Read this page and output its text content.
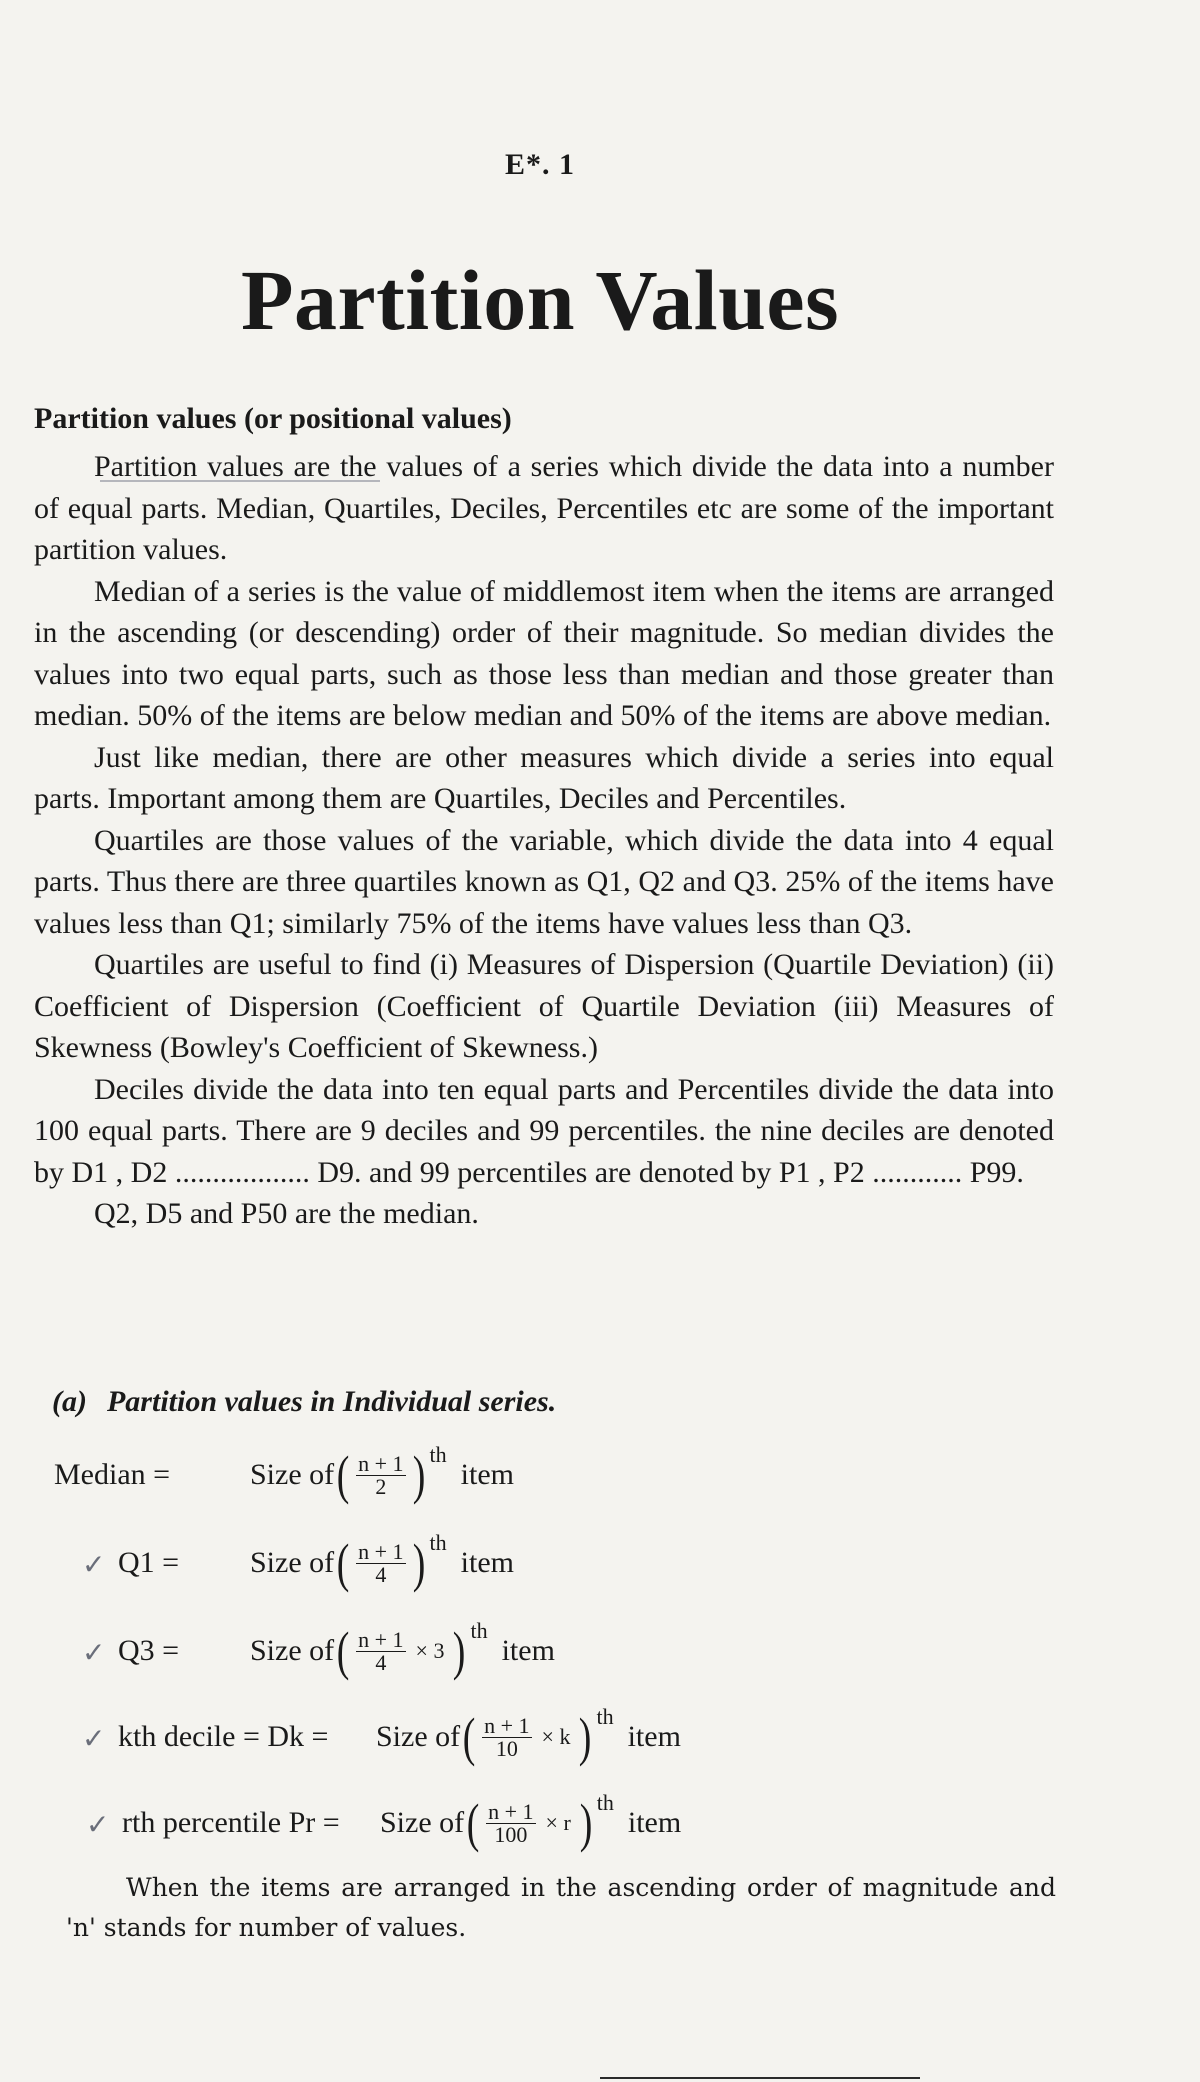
E*. 1
Partition Values
Partition values (or positional values)

Partition values are the values of a series which divide the data into a number of equal parts. Median, Quartiles, Deciles, Percentiles etc are some of the important partition values.

Median of a series is the value of middlemost item when the items are arranged in the ascending (or descending) order of their magnitude. So median divides the values into two equal parts, such as those less than median and those greater than median. 50% of the items are below median and 50% of the items are above median.

Just like median, there are other measures which divide a series into equal parts. Important among them are Quartiles, Deciles and Percentiles.

Quartiles are those values of the variable, which divide the data into 4 equal parts. Thus there are three quartiles known as Q1, Q2 and Q3. 25% of the items have values less than Q1; similarly 75% of the items have values less than Q3.

Quartiles are useful to find (i) Measures of Dispersion (Quartile Deviation) (ii) Coefficient of Dispersion (Coefficient of Quartile Deviation (iii) Measures of Skewness (Bowley's Coefficient of Skewness.)

Deciles divide the data into ten equal parts and Percentiles divide the data into 100 equal parts. There are 9 deciles and 99 percentiles. the nine deciles are denoted by D1 , D2 .................. D9. and 99 percentiles are denoted by P1 , P2 ............ P99.

Q2, D5 and P50 are the median.

(a) Partition values in Individual series.
Median =	Size of ( $\frac{n + 1}{2}$ ) th
item
✓ Q1 = Size of ( $\frac{n + 1}{4}$ ) th
item
✓ Q3 = Size of ( $\frac{n + 1}{4} \times 3$ ) th
item
✓ kth decile = Dk = Size of ( $\frac{n + 1}{10} \times k$ ) th
item
✓ rth percentile Pr = Size of ( $\frac{n + 1}{100} \times r$ ) th
item

When the items are arranged in the ascending order of magnitude and 'n' stands for number of values.
